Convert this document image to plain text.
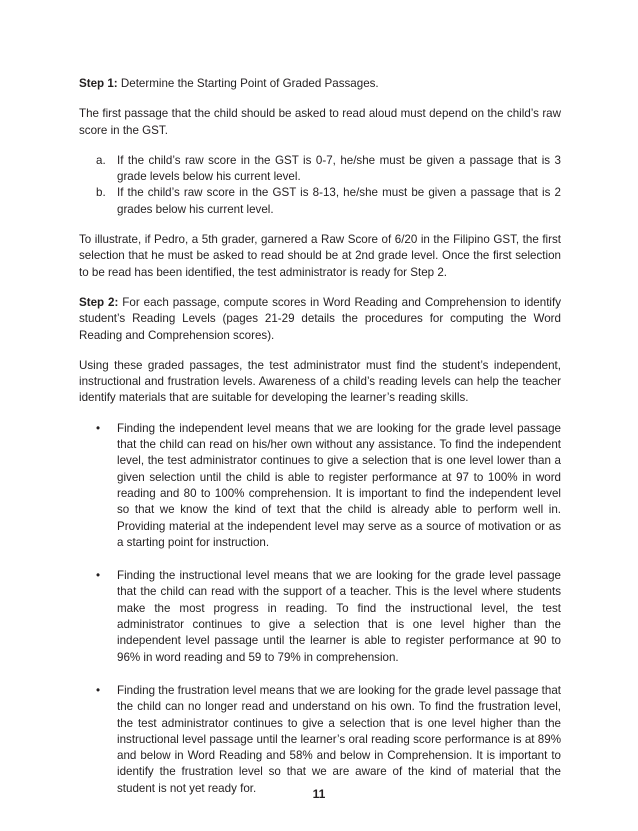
Step 1: Determine the Starting Point of Graded Passages.

The first passage that the child should be asked to read aloud must depend on the child’s raw score in the GST.

a. If the child’s raw score in the GST is 0-7, he/she must be given a passage that is 3 grade levels below his current level.
b. If the child’s raw score in the GST is 8-13, he/she must be given a passage that is 2 grades below his current level.

To illustrate, if Pedro, a 5th grader, garnered a Raw Score of 6/20 in the Filipino GST, the first selection that he must be asked to read should be at 2nd grade level. Once the first selection to be read has been identified, the test administrator is ready for Step 2.

Step 2: For each passage, compute scores in Word Reading and Comprehension to identify student’s Reading Levels (pages 21-29 details the procedures for computing the Word Reading and Comprehension scores).

Using these graded passages, the test administrator must find the student’s independent, instructional and frustration levels. Awareness of a child’s reading levels can help the teacher identify materials that are suitable for developing the learner’s reading skills.

• Finding the independent level means that we are looking for the grade level passage that the child can read on his/her own without any assistance. To find the independent level, the test administrator continues to give a selection that is one level lower than a given selection until the child is able to register performance at 97 to 100% in word reading and 80 to 100% comprehension. It is important to find the independent level so that we know the kind of text that the child is already able to perform well in. Providing material at the independent level may serve as a source of motivation or as a starting point for instruction.
• Finding the instructional level means that we are looking for the grade level passage that the child can read with the support of a teacher. This is the level where students make the most progress in reading. To find the instructional level, the test administrator continues to give a selection that is one level higher than the independent level passage until the learner is able to register performance at 90 to 96% in word reading and 59 to 79% in comprehension.
• Finding the frustration level means that we are looking for the grade level passage that the child can no longer read and understand on his own. To find the frustration level, the test administrator continues to give a selection that is one level higher than the instructional level passage until the learner’s oral reading score performance is at 89% and below in Word Reading and 58% and below in Comprehension. It is important to identify the frustration level so that we are aware of the kind of material that the student is not yet ready for.	11
